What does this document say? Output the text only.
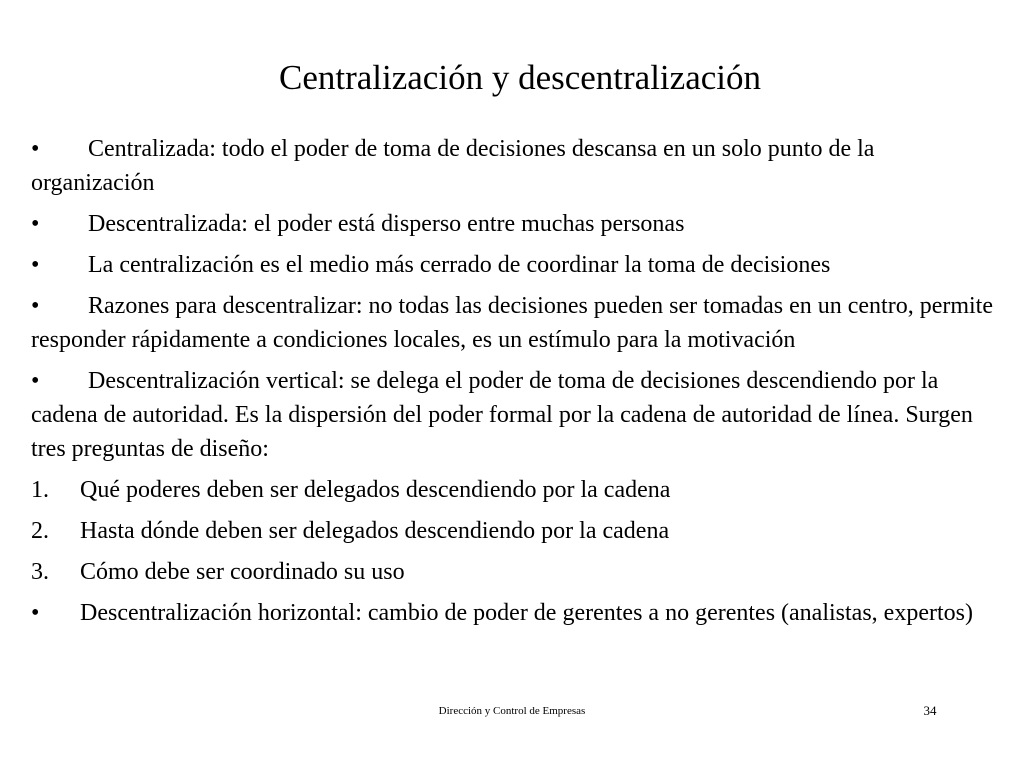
Centralización y descentralización
• Centralizada: todo el poder de toma de decisiones descansa en un solo punto de la organización
• Descentralizada: el poder está disperso entre muchas personas
• La centralización es el medio más cerrado de coordinar la toma de decisiones
• Razones para descentralizar: no todas las decisiones pueden ser tomadas en un centro, permite responder rápidamente a condiciones locales, es un estímulo para la motivación
• Descentralización vertical: se delega el poder de toma de decisiones descendiendo por la cadena de autoridad. Es la dispersión del poder formal por la cadena de autoridad de línea. Surgen tres preguntas de diseño:
1. Qué poderes deben ser delegados descendiendo por la cadena
2. Hasta dónde deben ser delegados descendiendo por la cadena
3. Cómo debe ser coordinado su uso
• Descentralización horizontal: cambio de poder de gerentes a no gerentes (analistas, expertos)
Dirección y Control de Empresas	34
